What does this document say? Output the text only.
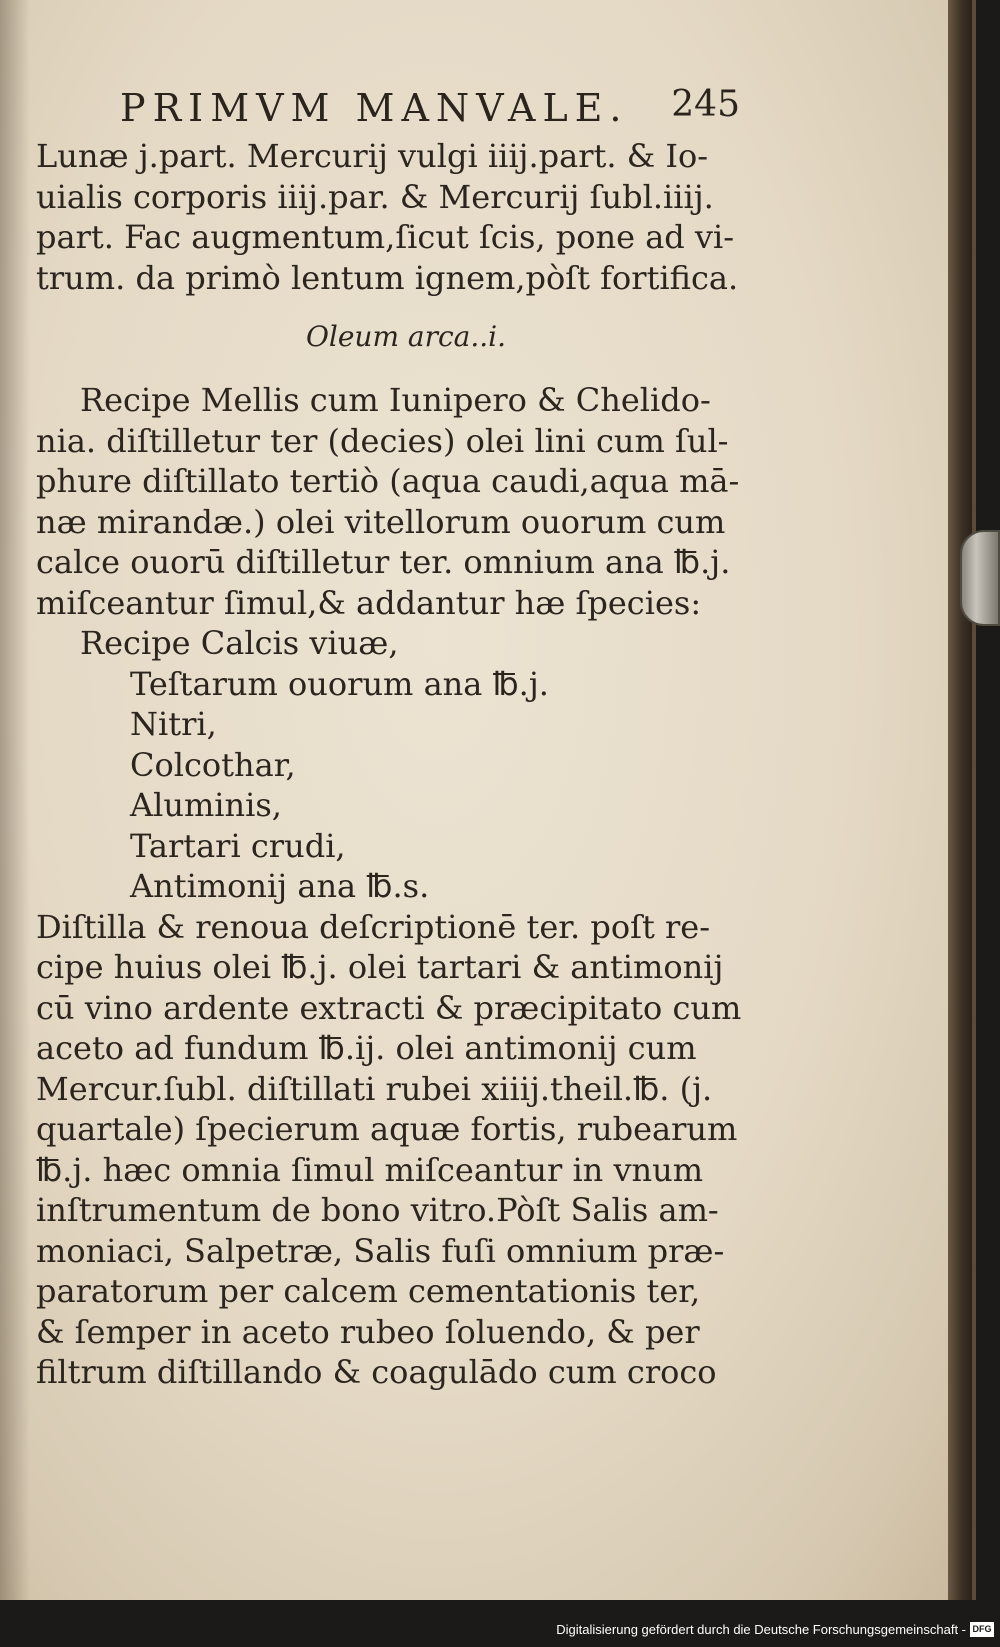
PRIMVM MANVALE. 245
Lunæ j.part. Mercurij vulgi iiij.part. & Io-
uialis corporis iiij.par. & Mercurij ſubl.iiij.
part. Fac augmentum,ſicut ſcis, pone ad vi-
trum. da primò lentum ignem,pòſt fortifica.
Oleum arca..i.
Recipe Mellis cum Iunipero & Chelido-
nia. diſtilletur ter (decies) olei lini cum ſul-
phure diſtillato tertiò (aqua caudi,aqua mā-
næ mirandæ.) olei vitellorum ouorum cum
calce ouorū diſtilletur ter. omnium ana ℔.j.
miſceantur ſimul,& addantur hæ ſpecies:
Recipe Calcis viuæ,
Teſtarum ouorum ana ℔.j.
Nitri,
Colcothar,
Aluminis,
Tartari crudi,
Antimonij ana ℔.s.
Diſtilla & renoua deſcriptionē ter. poſt re-
cipe huius olei ℔.j. olei tartari & antimonij
cū vino ardente extracti & præcipitato cum
aceto ad fundum ℔.ij. olei antimonij cum
Mercur.ſubl. diſtillati rubei xiiij.theil.℔. (j.
quartale) ſpecierum aquæ fortis, rubearum
℔.j. hæc omnia ſimul miſceantur in vnum
inſtrumentum de bono vitro.Pòſt Salis am-
moniaci, Salpetræ, Salis fuſi omnium præ-
paratorum per calcem cementationis ter,
& ſemper in aceto rubeo ſoluendo, & per
filtrum diſtillando & coagulādo cum croco
Digitalisierung gefördert durch die Deutsche Forschungsgemeinschaft - DFG
